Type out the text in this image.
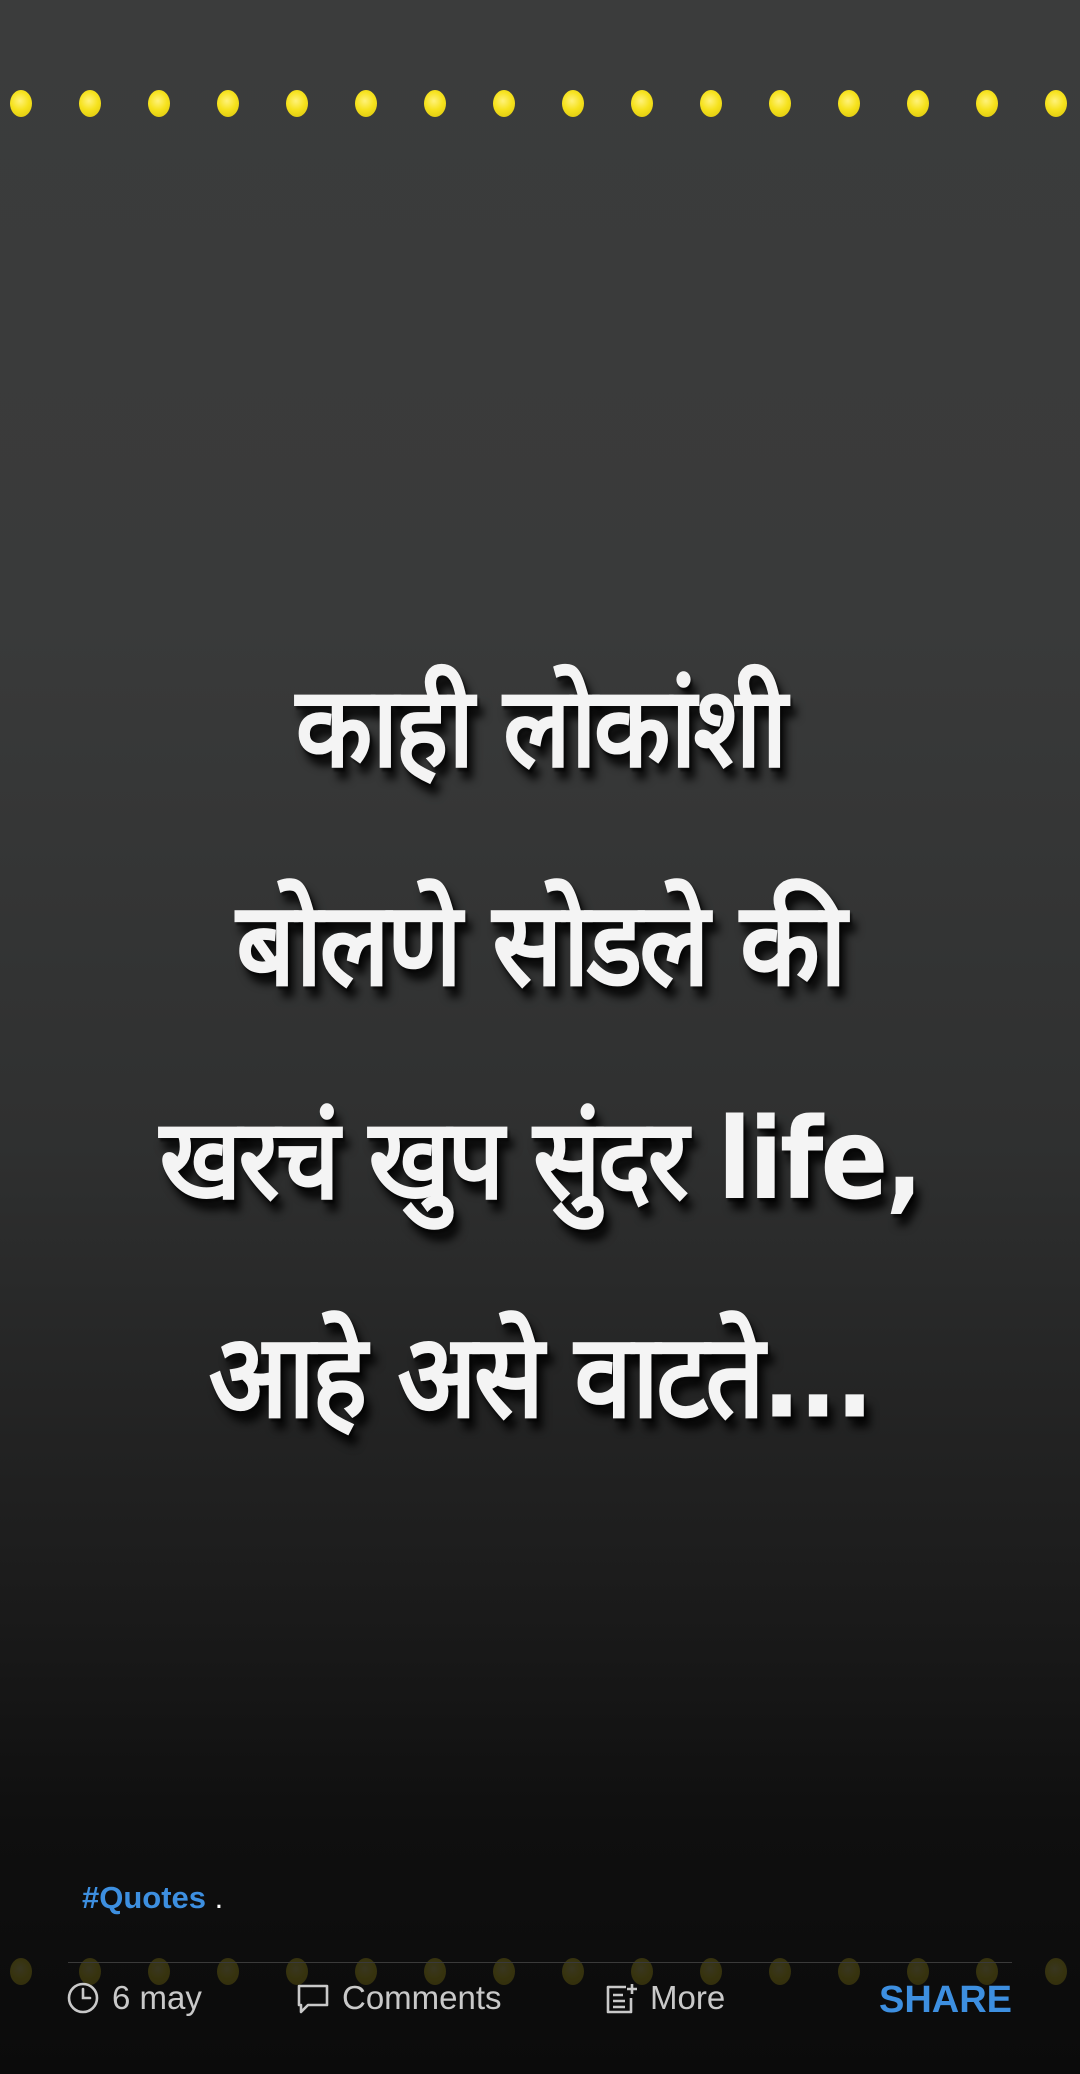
काही लोकांशी
बोलणे सोडले की
खरचं खुप सुंदर life,
आहे असे वाटते...
#Quotes .
6 may	Comments	More	SHARE
